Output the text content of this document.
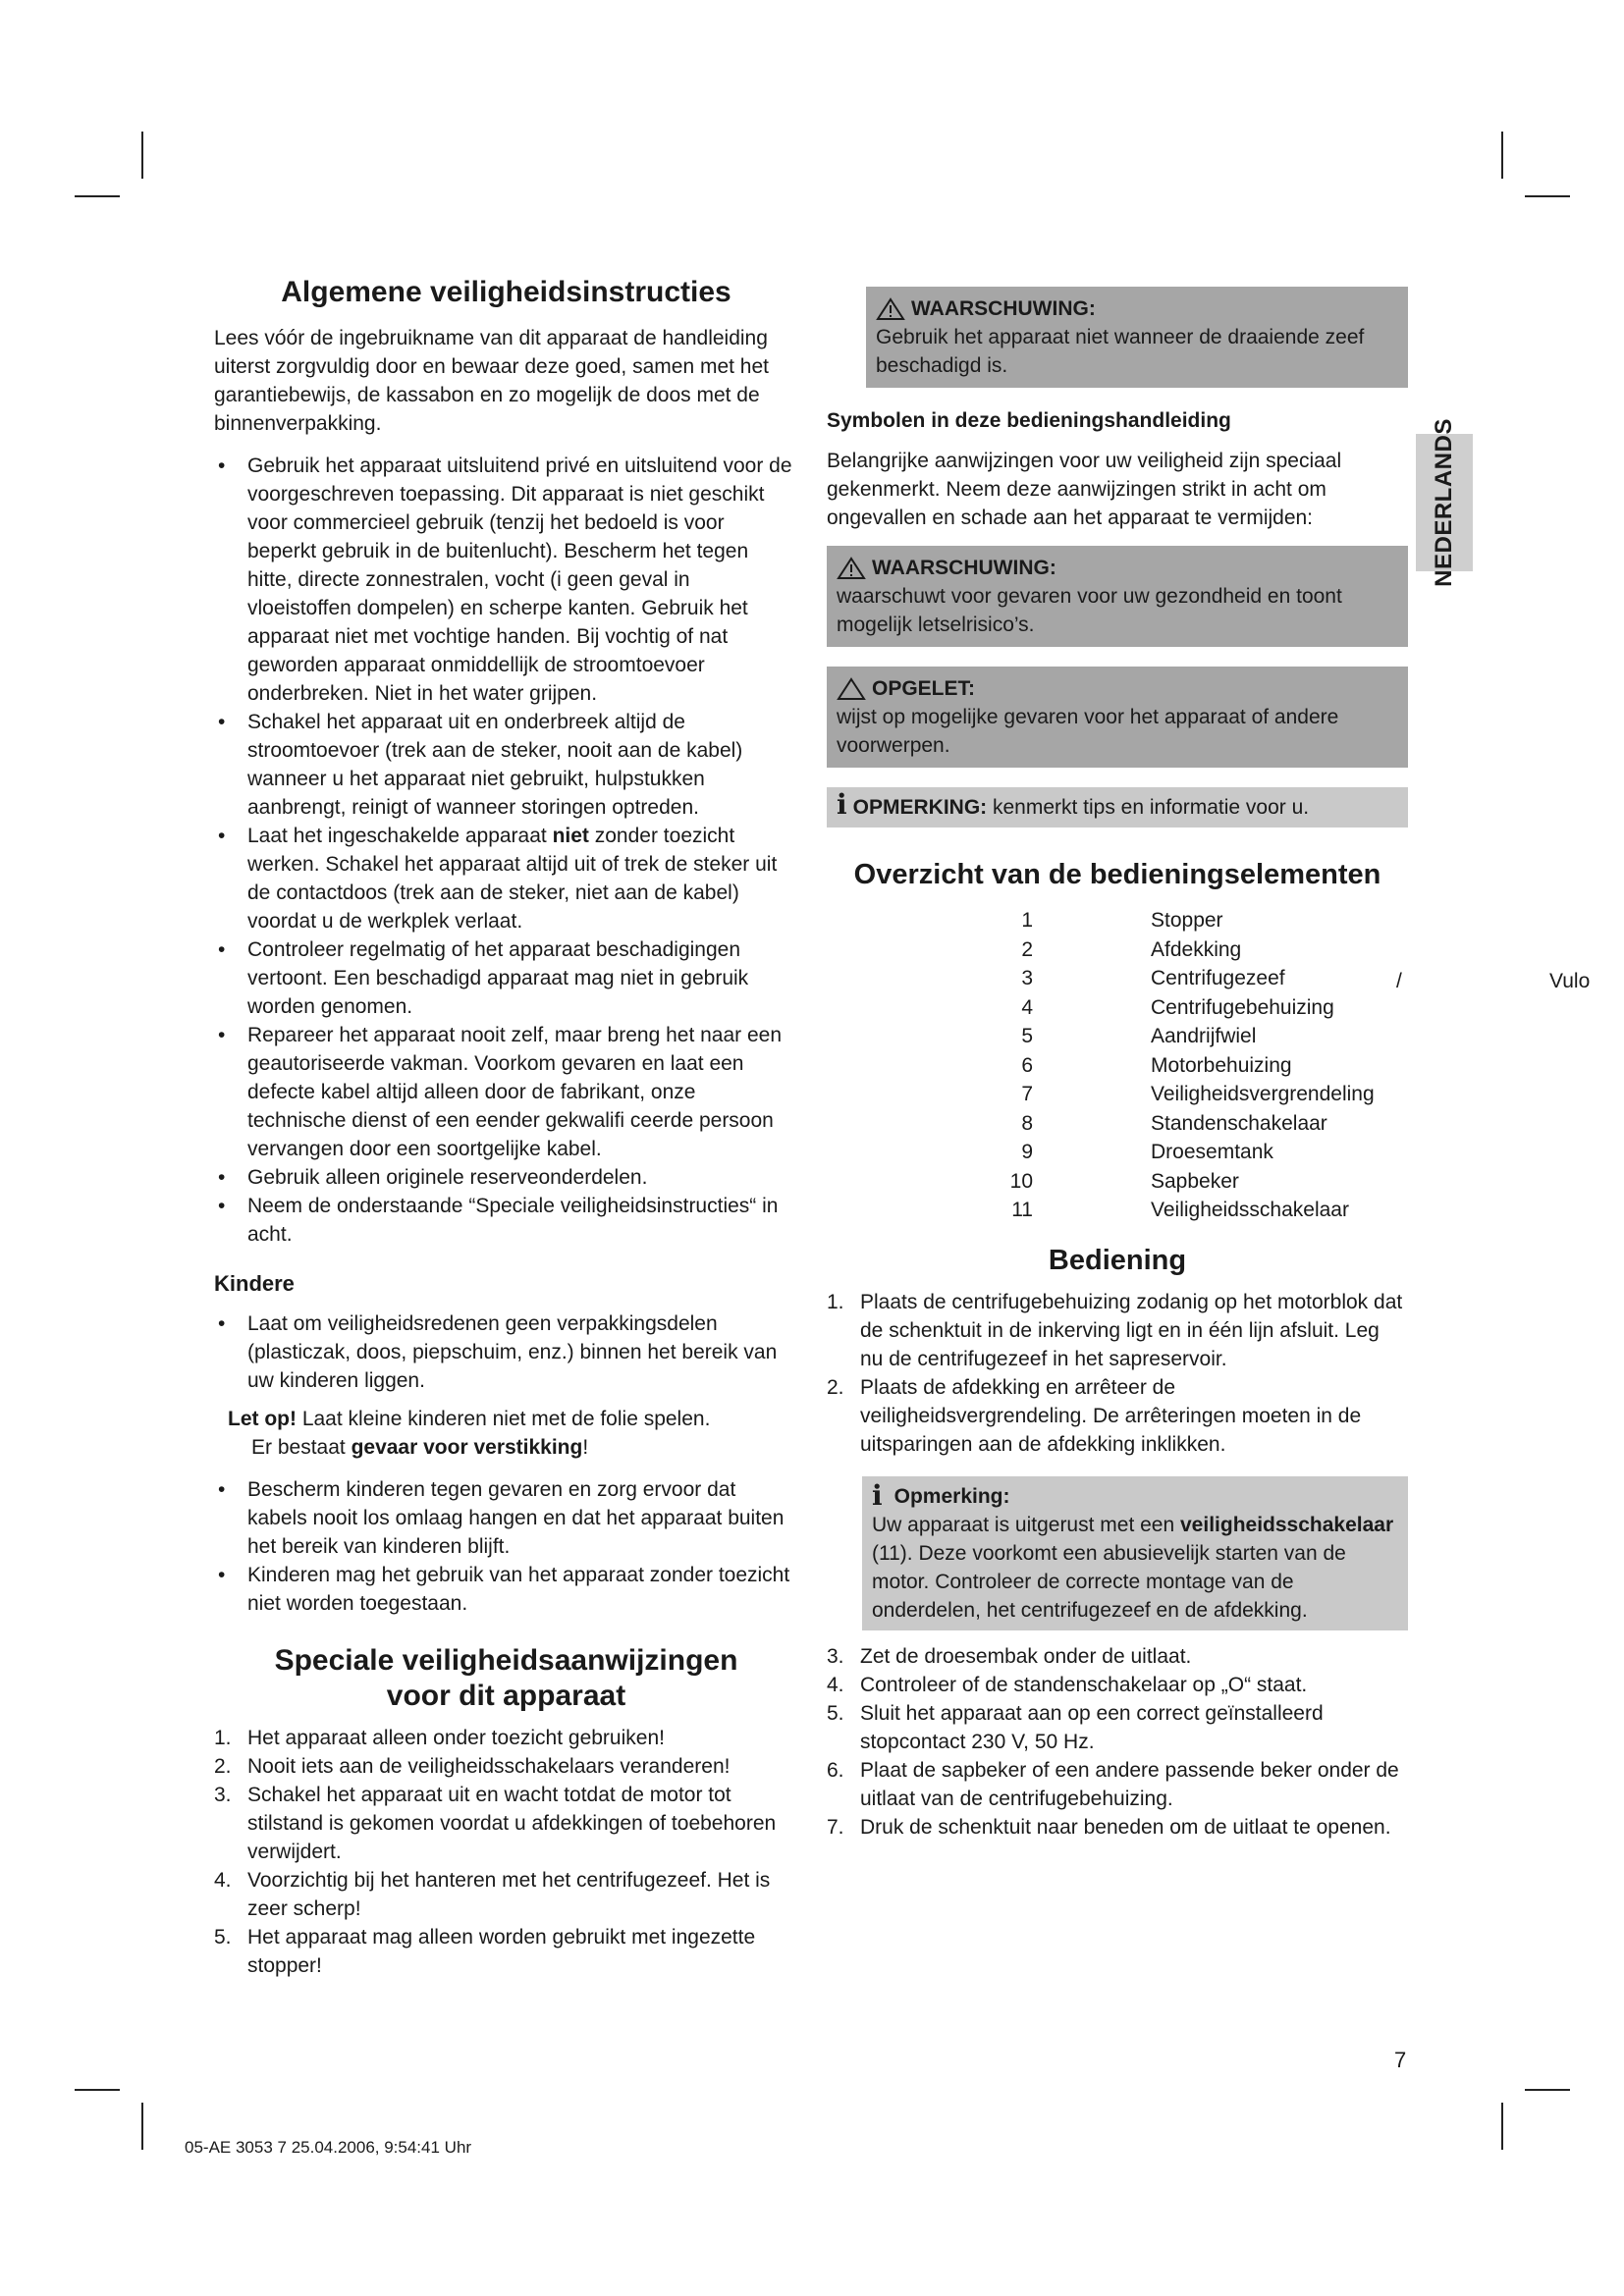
Algemene veiligheidsinstructies

Lees vóór de ingebruikname van dit apparaat de handleiding uiterst zorgvuldig door en bewaar deze goed, samen met het garantiebewijs, de kassabon en zo mogelijk de doos met de binnenverpakking.

• Gebruik het apparaat uitsluitend privé en uitsluitend voor de voorgeschreven toepassing. Dit apparaat is niet geschikt voor commercieel gebruik (tenzij het bedoeld is voor beperkt gebruik in de buitenlucht). Bescherm het tegen hitte, directe zonnestralen, vocht (i geen geval in vloeistoffen dompelen) en scherpe kanten. Gebruik het apparaat niet met vochtige handen. Bij vochtig of nat geworden apparaat onmiddellijk de stroomtoevoer onderbreken. Niet in het water grijpen.
• Schakel het apparaat uit en onderbreek altijd de stroomtoevoer (trek aan de steker, nooit aan de kabel) wanneer u het apparaat niet gebruikt, hulpstukken aanbrengt, reinigt of wanneer storingen optreden.
• Laat het ingeschakelde apparaat niet zonder toezicht werken. Schakel het apparaat altijd uit of trek de steker uit de contactdoos (trek aan de steker, niet aan de kabel) voordat u de werkplek verlaat.
• Controleer regelmatig of het apparaat beschadigingen vertoont. Een beschadigd apparaat mag niet in gebruik worden genomen.
• Repareer het apparaat nooit zelf, maar breng het naar een geautoriseerde vakman. Voorkom gevaren en laat een defecte kabel altijd alleen door de fabrikant, onze technische dienst of een eender gekwalifi ceerde persoon vervangen door een soortgelijke kabel.
• Gebruik alleen originele reserveonderdelen.
• Neem de onderstaande “Speciale veiligheidsinstructies“ in acht.
Kindere
• Laat om veiligheidsredenen geen verpakkingsdelen (plasticzak, doos, piepschuim, enz.) binnen het bereik van uw kinderen liggen.
Let op! Laat kleine kinderen niet met de folie spelen.
Er bestaat gevaar voor verstikking!
• Bescherm kinderen tegen gevaren en zorg ervoor dat kabels nooit los omlaag hangen en dat het apparaat buiten het bereik van kinderen blijft.
• Kinderen mag het gebruik van het apparaat zonder toezicht niet worden toegestaan.
Speciale veiligheidsaanwijzingen
voor dit apparaat
1. Het apparaat alleen onder toezicht gebruiken!
2. Nooit iets aan de veiligheidsschakelaars veranderen!
3. Schakel het apparaat uit en wacht totdat de motor tot stilstand is gekomen voordat u afdekkingen of toebehoren verwijdert.
4. Voorzichtig bij het hanteren met het centrifugezeef. Het is zeer scherp!
5. Het apparaat mag alleen worden gebruikt met ingezette stopper!
WAARSCHUWING:
Gebruik het apparaat niet wanneer de draaiende zeef beschadigd is.
Symbolen in deze bedieningshandleiding

Belangrijke aanwijzingen voor uw veiligheid zijn speciaal gekenmerkt. Neem deze aanwijzingen strikt in acht om ongevallen en schade aan het apparaat te vermijden:

WAARSCHUWING:
waarschuwt voor gevaren voor uw gezondheid en toont mogelijk letselrisico’s.
OPGELET:
wijst op mogelijke gevaren voor het apparaat of andere voorwerpen.
i OPMERKING: kenmerkt tips en informatie voor u.
Overzicht van de bedieningselementen
1	Stopper
2	Afdekking
3	Centrifugezeef
4	Centrifugebehuizing
5	Aandrijfwiel
6	Motorbehuizing
7	Veiligheidsvergrendeling
8	Standenschakelaar
9	Droesemtank
10	Sapbeker
11	Veiligheidsschakelaar
Bediening
1. Plaats de centrifugebehuizing zodanig op het motorblok dat de schenktuit in de inkerving ligt en in één lijn afsluit. Leg nu de centrifugezeef in het sapreservoir.
2. Plaats de afdekking en arrêteer de veiligheidsvergrendeling. De arrêteringen moeten in de uitsparingen aan de afdekking inklikken.
i Opmerking:
Uw apparaat is uitgerust met een veiligheidsschakelaar (11). Deze voorkomt een abusievelijk starten van de motor. Controleer de correcte montage van de onderdelen, het centrifugezeef en de afdekking.
3. Zet de droesembak onder de uitlaat.
4. Controleer of de standenschakelaar op „O“ staat.
5. Sluit het apparaat aan op een correct geïnstalleerd stopcontact 230 V, 50 Hz.
6. Plaat de sapbeker of een andere passende beker onder de uitlaat van de centrifugebehuizing.
7. Druk de schenktuit naar beneden om de uitlaat te openen.
NEDERLANDS
/	Vulo
7
05-AE 3053 7 25.04.2006, 9:54:41 Uhr
